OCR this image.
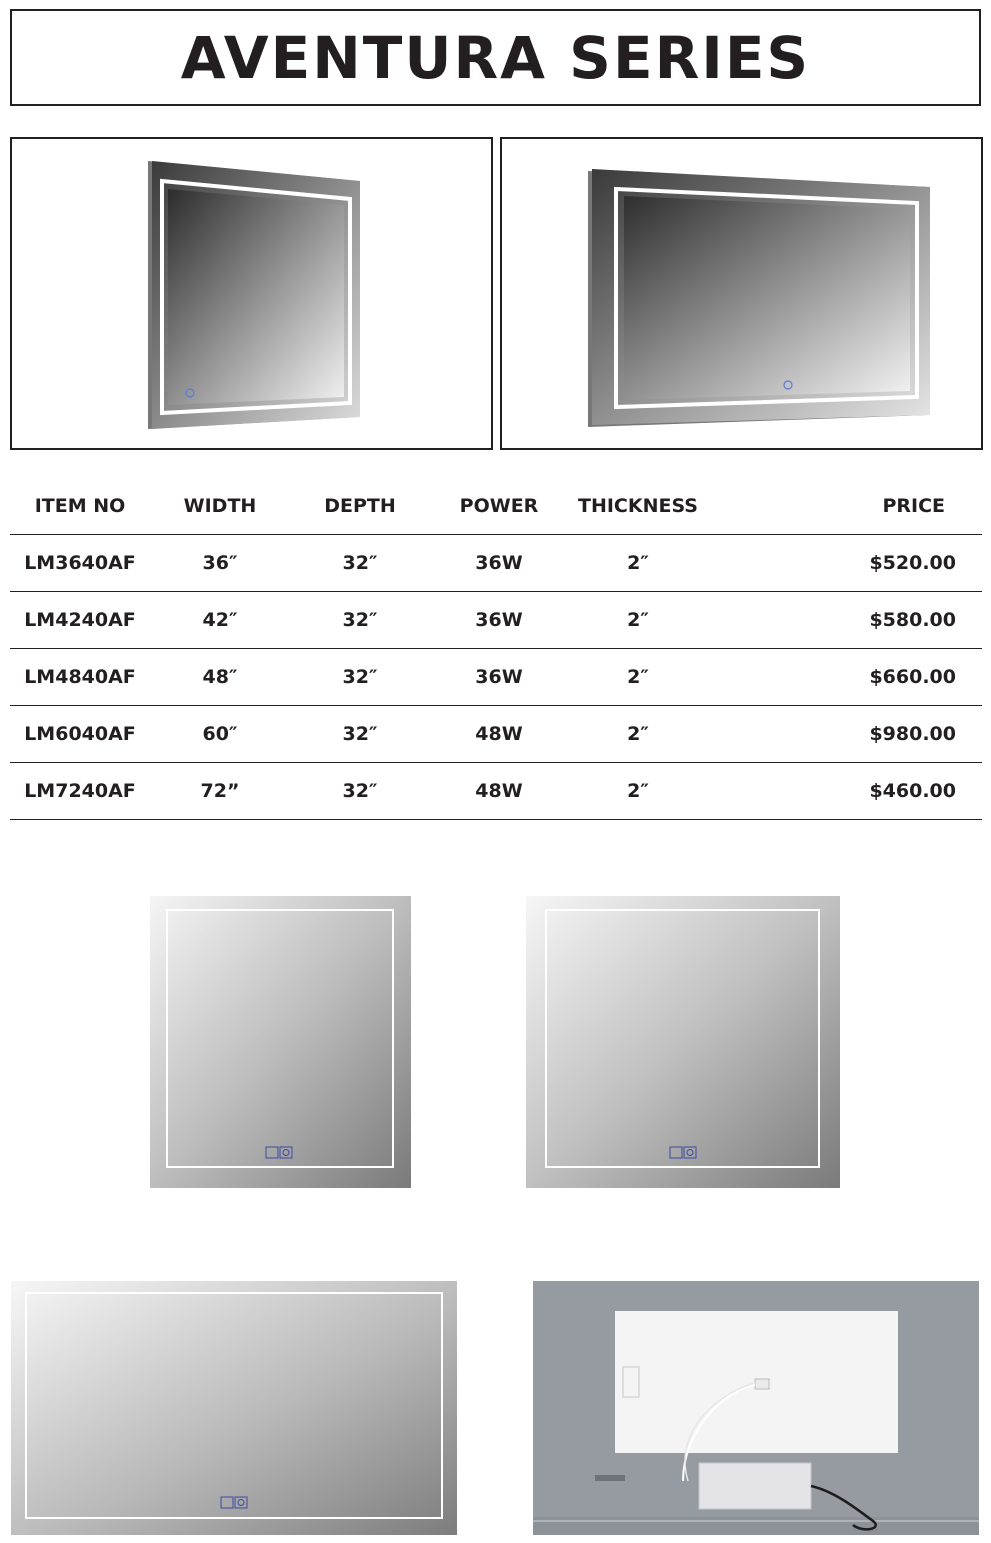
AVENTURA SERIES
ITEM NO	WIDTH	DEPTH	POWER	THICKNESS	PRICE
LM3640AF	36″	32″	36W	2″	$520.00
LM4240AF	42″	32″	36W	2″	$580.00
LM4840AF	48″	32″	36W	2″	$660.00
LM6040AF	60″	32″	48W	2″	$980.00
LM7240AF	72”	32″	48W	2″	$460.00
